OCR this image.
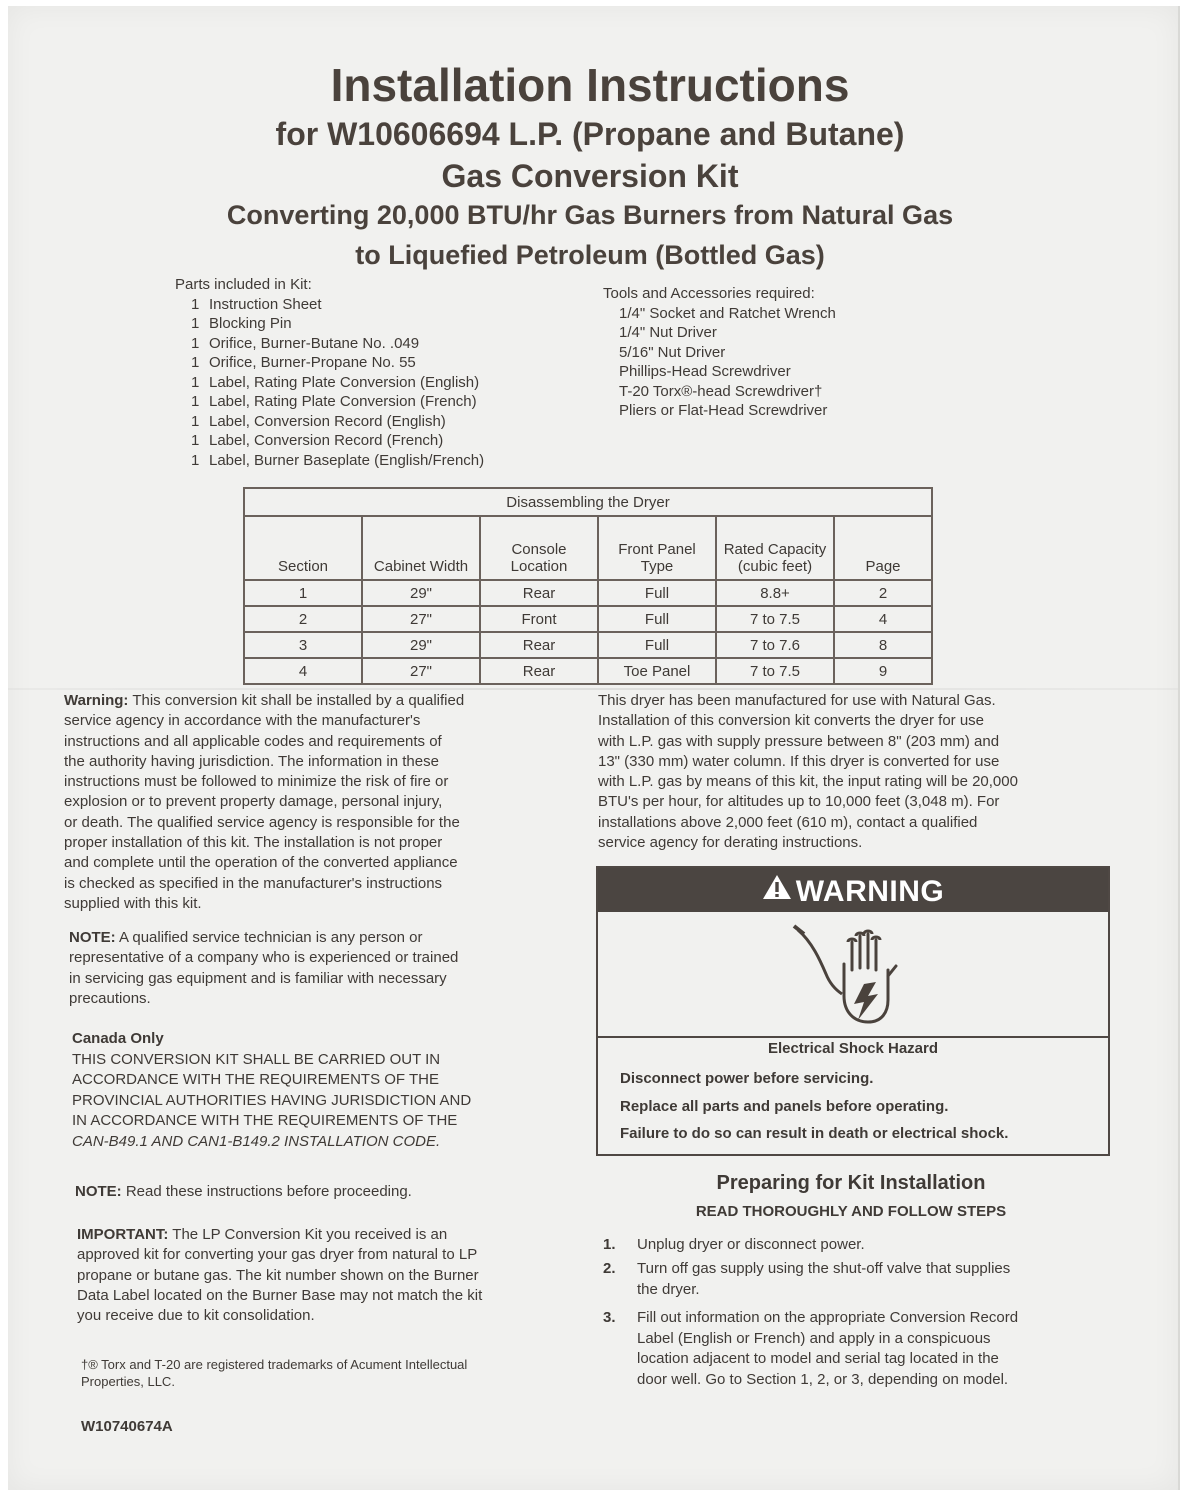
Installation Instructions
for W10606694 L.P. (Propane and Butane)
Gas Conversion Kit
Converting 20,000 BTU/hr Gas Burners from Natural Gas
to Liquefied Petroleum (Bottled Gas)

Parts included in Kit:

1 Instruction Sheet
1 Blocking Pin
1 Orifice, Burner-Butane No. .049
1 Orifice, Burner-Propane No. 55
1 Label, Rating Plate Conversion (English)
1 Label, Rating Plate Conversion (French)
1 Label, Conversion Record (English)
1 Label, Conversion Record (French)
1 Label, Burner Baseplate (English/French)

Tools and Accessories required:

1/4" Socket and Ratchet Wrench
1/4" Nut Driver
5/16" Nut Driver
Phillips-Head Screwdriver
T-20 Torx®-head Screwdriver†
Pliers or Flat-Head Screwdriver
Disassembling the Dryer					
Section	Cabinet Width	Console Location	Front Panel Type	Rated Capacity (cubic feet)	Page
1	29"	Rear	Full	8.8+	2
2	27"	Front	Full	7 to 7.5	4
3	29"	Rear	Full	7 to 7.6	8
4	27"	Rear	Toe Panel	7 to 7.5	9
Warning: This conversion kit shall be installed by a qualified
service agency in accordance with the manufacturer's
instructions and all applicable codes and requirements of
the authority having jurisdiction. The information in these
instructions must be followed to minimize the risk of fire or
explosion or to prevent property damage, personal injury,
or death. The qualified service agency is responsible for the
proper installation of this kit. The installation is not proper
and complete until the operation of the converted appliance
is checked as specified in the manufacturer's instructions
supplied with this kit.
NOTE: A qualified service technician is any person or
representative of a company who is experienced or trained
in servicing gas equipment and is familiar with necessary
precautions.
Canada Only
THIS CONVERSION KIT SHALL BE CARRIED OUT IN
ACCORDANCE WITH THE REQUIREMENTS OF THE
PROVINCIAL AUTHORITIES HAVING JURISDICTION AND
IN ACCORDANCE WITH THE REQUIREMENTS OF THE
CAN-B49.1 AND CAN1-B149.2 INSTALLATION CODE.
NOTE: Read these instructions before proceeding.
IMPORTANT: The LP Conversion Kit you received is an
approved kit for converting your gas dryer from natural to LP
propane or butane gas. The kit number shown on the Burner
Data Label located on the Burner Base may not match the kit
you receive due to kit consolidation.
†® Torx and T-20 are registered trademarks of Acument Intellectual
Properties, LLC.
W10740674A
This dryer has been manufactured for use with Natural Gas.
Installation of this conversion kit converts the dryer for use
with L.P. gas with supply pressure between 8" (203 mm) and
13" (330 mm) water column. If this dryer is converted for use
with L.P. gas by means of this kit, the input rating will be 20,000
BTU's per hour, for altitudes up to 10,000 feet (3,048 m). For
installations above 2,000 feet (610 m), contact a qualified
service agency for derating instructions.
WARNING
Electrical Shock Hazard
Disconnect power before servicing.
Replace all parts and panels before operating.
Failure to do so can result in death or electrical shock.
Preparing for Kit Installation
READ THOROUGHLY AND FOLLOW STEPS
1. Unplug dryer or disconnect power.
2. Turn off gas supply using the shut-off valve that supplies
the dryer.
3. Fill out information on the appropriate Conversion Record
Label (English or French) and apply in a conspicuous
location adjacent to model and serial tag located in the
door well. Go to Section 1, 2, or 3, depending on model.
